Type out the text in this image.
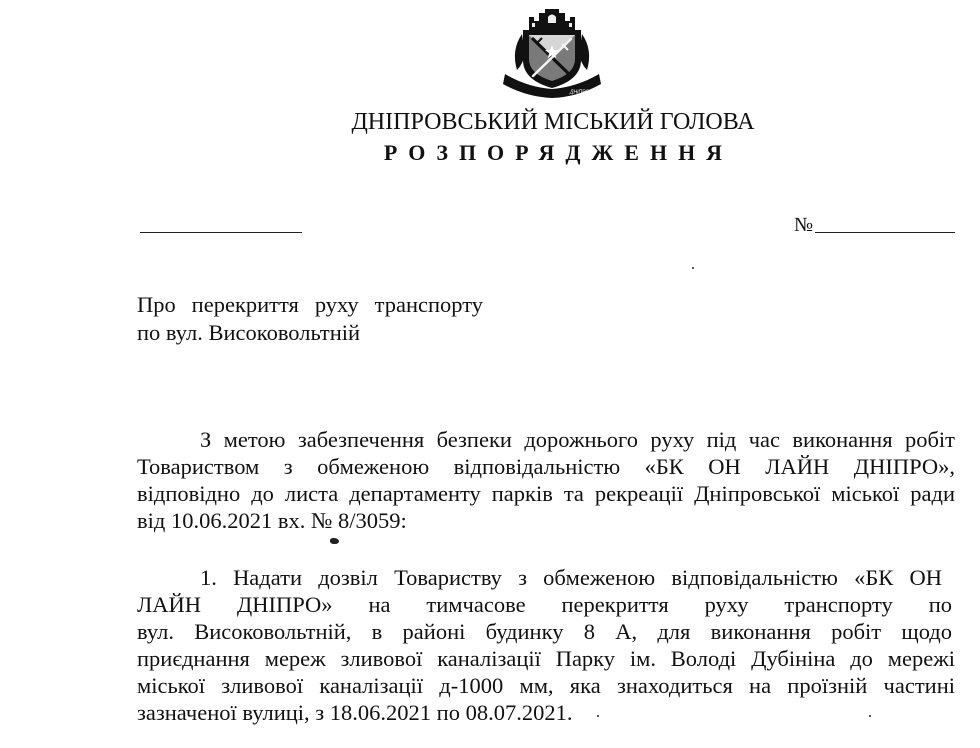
ДНІПРО
ДНІПРОВСЬКИЙ МІСЬКИЙ ГОЛОВА
РОЗПОРЯДЖЕННЯ
№
Про перекриття руху транспорту
по вул. Високовольтній
З метою забезпечення безпеки дорожнього руху під час виконання робіт
Товариством з обмеженою відповідальністю «БК ОН ЛАЙН ДНІПРО»,
відповідно до листа департаменту парків та рекреації Дніпровської міської ради
від 10.06.2021 вх. № 8/3059:
1. Надати дозвіл Товариству з обмеженою відповідальністю «БК ОН
ЛАЙН ДНІПРО» на тимчасове перекриття руху транспорту по
вул. Високовольтній, в районі будинку 8 А, для виконання робіт щодо
приєднання мереж зливової каналізації Парку ім. Володі Дубініна до мережі
міської зливової каналізації д-1000 мм, яка знаходиться на проїзній частині
зазначеної вулиці, з 18.06.2021 по 08.07.2021.
